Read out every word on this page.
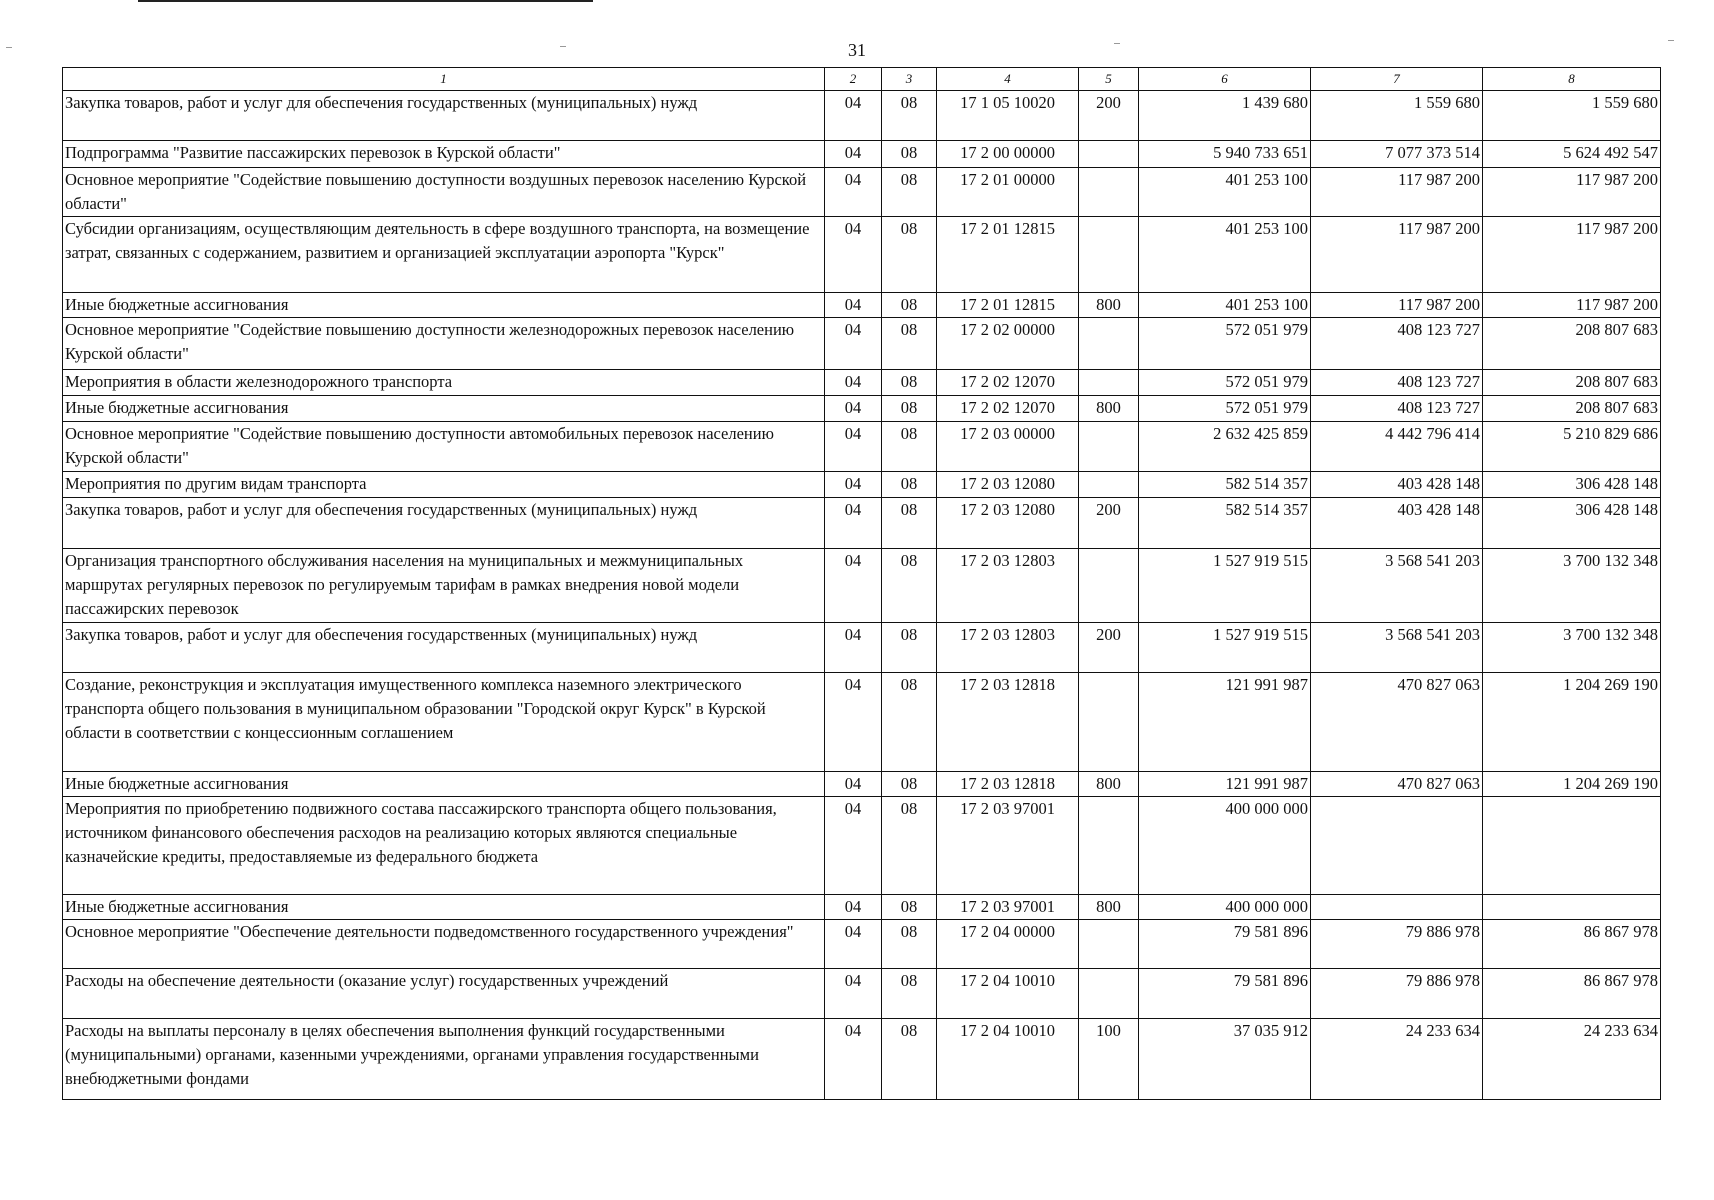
31
1	2	3	4	5	6	7	8
Закупка товаров, работ и услуг для обеспечения государственных (муниципальных) нужд	04	08	17 1 05 10020	200	1 439 680	1 559 680	1 559 680
Подпрограмма "Развитие пассажирских перевозок в Курской области"	04	08	17 2 00 00000		5 940 733 651	7 077 373 514	5 624 492 547
Основное мероприятие "Содействие повышению доступности воздушных перевозок населению Курской области"	04	08	17 2 01 00000		401 253 100	117 987 200	117 987 200
Субсидии организациям, осуществляющим деятельность в сфере воздушного транспорта, на возмещение затрат, связанных с содержанием, развитием и организацией эксплуатации аэропорта "Курск"	04	08	17 2 01 12815		401 253 100	117 987 200	117 987 200
Иные бюджетные ассигнования	04	08	17 2 01 12815	800	401 253 100	117 987 200	117 987 200
Основное мероприятие "Содействие повышению доступности железнодорожных перевозок населению Курской области"	04	08	17 2 02 00000		572 051 979	408 123 727	208 807 683
Мероприятия в области железнодорожного транспорта	04	08	17 2 02 12070		572 051 979	408 123 727	208 807 683
Иные бюджетные ассигнования	04	08	17 2 02 12070	800	572 051 979	408 123 727	208 807 683
Основное мероприятие "Содействие повышению доступности автомобильных перевозок населению Курской области"	04	08	17 2 03 00000		2 632 425 859	4 442 796 414	5 210 829 686
Мероприятия по другим видам транспорта	04	08	17 2 03 12080		582 514 357	403 428 148	306 428 148
Закупка товаров, работ и услуг для обеспечения государственных (муниципальных) нужд	04	08	17 2 03 12080	200	582 514 357	403 428 148	306 428 148
Организация транспортного обслуживания населения на муниципальных и межмуниципальных маршрутах регулярных перевозок по регулируемым тарифам в рамках внедрения новой модели пассажирских перевозок	04	08	17 2 03 12803		1 527 919 515	3 568 541 203	3 700 132 348
Закупка товаров, работ и услуг для обеспечения государственных (муниципальных) нужд	04	08	17 2 03 12803	200	1 527 919 515	3 568 541 203	3 700 132 348
Создание, реконструкция и эксплуатация имущественного комплекса наземного электрического транспорта общего пользования в муниципальном образовании "Городской округ Курск" в Курской области в соответствии с концессионным соглашением	04	08	17 2 03 12818		121 991 987	470 827 063	1 204 269 190
Иные бюджетные ассигнования	04	08	17 2 03 12818	800	121 991 987	470 827 063	1 204 269 190
Мероприятия по приобретению подвижного состава пассажирского транспорта общего пользования, источником финансового обеспечения расходов на реализацию которых являются специальные казначейские кредиты, предоставляемые из федерального бюджета	04	08	17 2 03 97001		400 000 000		
Иные бюджетные ассигнования	04	08	17 2 03 97001	800	400 000 000		
Основное мероприятие "Обеспечение деятельности подведомственного государственного учреждения"	04	08	17 2 04 00000		79 581 896	79 886 978	86 867 978
Расходы на обеспечение деятельности (оказание услуг) государственных учреждений	04	08	17 2 04 10010		79 581 896	79 886 978	86 867 978
Расходы на выплаты персоналу в целях обеспечения выполнения функций государственными (муниципальными) органами, казенными учреждениями, органами управления государственными внебюджетными фондами	04	08	17 2 04 10010	100	37 035 912	24 233 634	24 233 634
